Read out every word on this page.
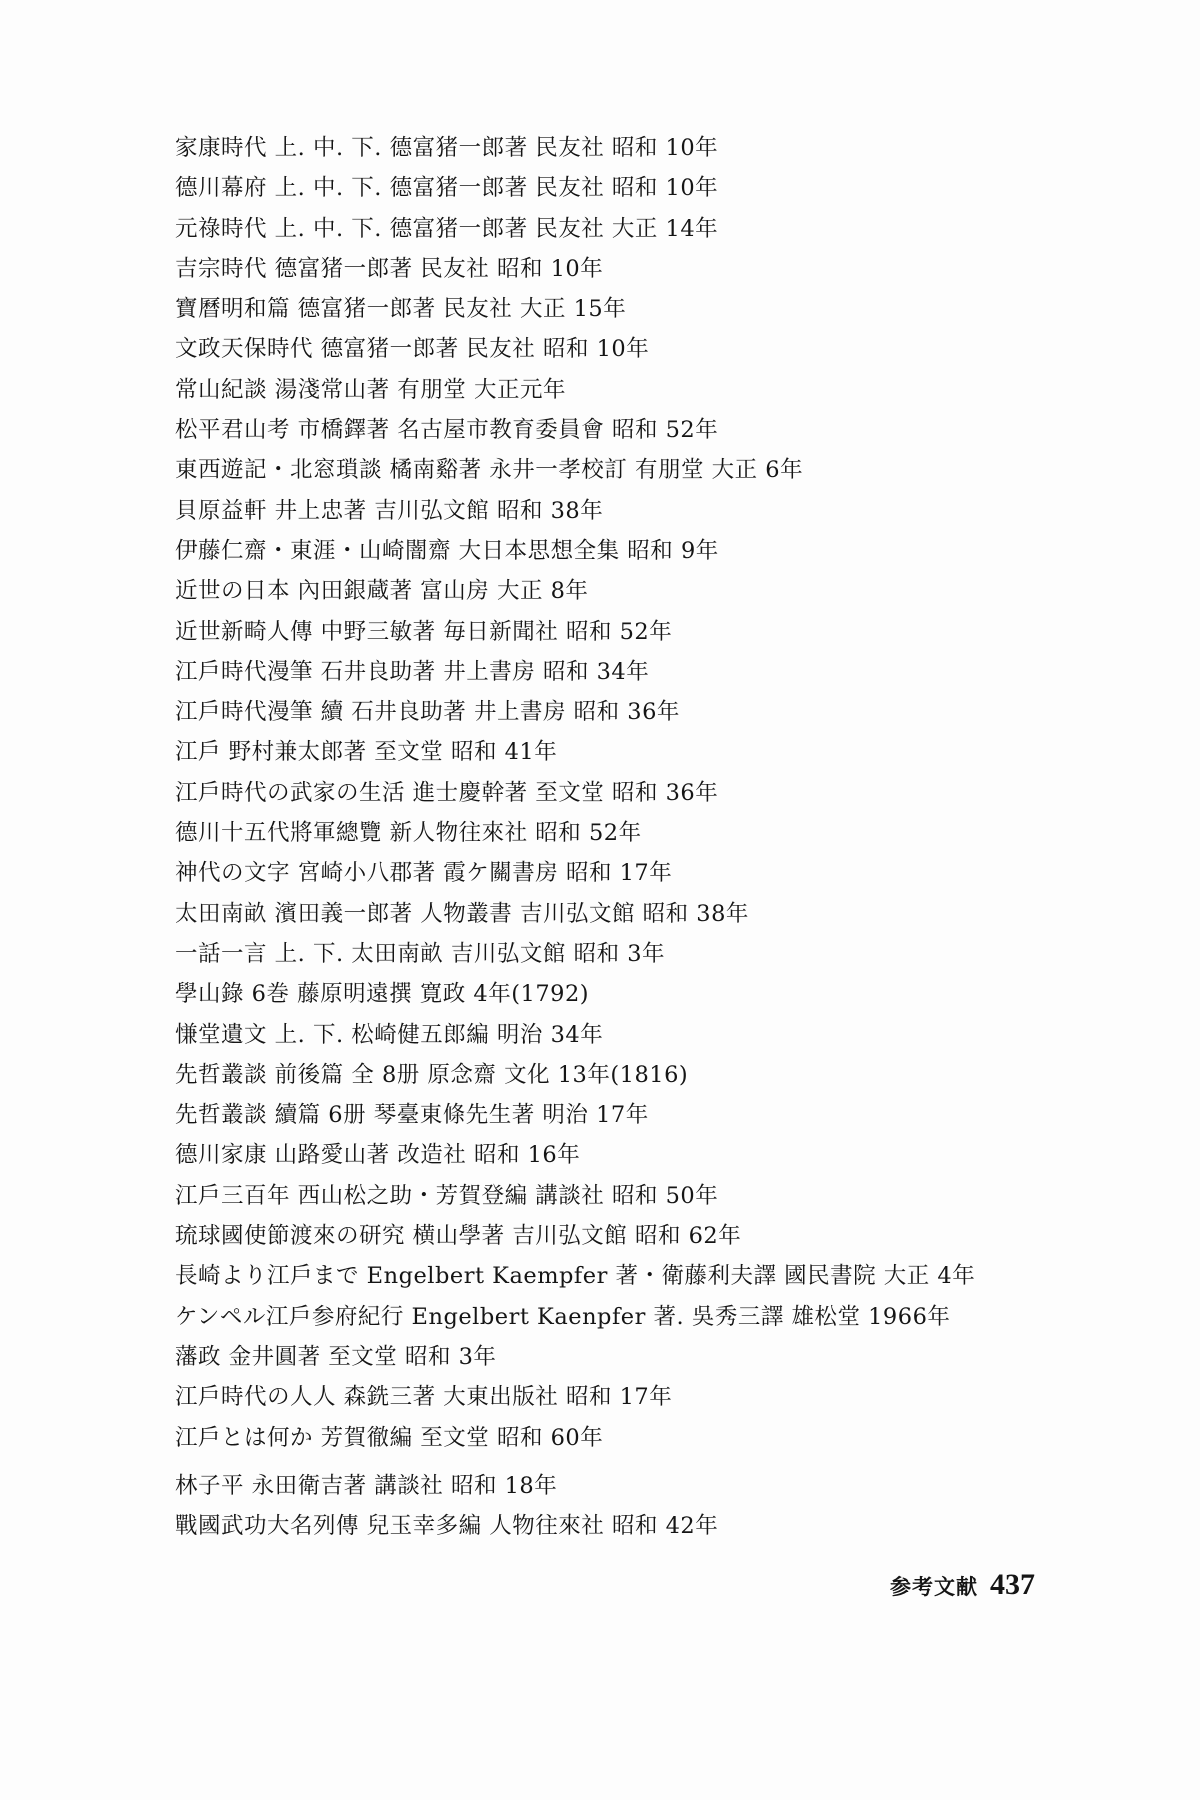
家康時代 上. 中. 下. 德富猪一郎著 民友社 昭和 10年
德川幕府 上. 中. 下. 德富猪一郎著 民友社 昭和 10年
元祿時代 上. 中. 下. 德富猪一郎著 民友社 大正 14年
吉宗時代 德富猪一郎著 民友社 昭和 10年
寶曆明和篇 德富猪一郎著 民友社 大正 15年
文政天保時代 德富猪一郎著 民友社 昭和 10年
常山紀談 湯淺常山著 有朋堂 大正元年
松平君山考 市橋鐸著 名古屋市教育委員會 昭和 52年
東西遊記・北窓瑣談 橘南谿著 永井一孝校訂 有朋堂 大正 6年
貝原益軒 井上忠著 吉川弘文館 昭和 38年
伊藤仁齋・東涯・山崎闇齋 大日本思想全集 昭和 9年
近世の日本 內田銀蔵著 富山房 大正 8年
近世新畸人傳 中野三敏著 毎日新聞社 昭和 52年
江戶時代漫筆 石井良助著 井上書房 昭和 34年
江戶時代漫筆 續 石井良助著 井上書房 昭和 36年
江戶 野村兼太郎著 至文堂 昭和 41年
江戶時代の武家の生活 進士慶幹著 至文堂 昭和 36年
德川十五代將軍總覽 新人物往來社 昭和 52年
神代の文字 宮崎小八郡著 霞ケ關書房 昭和 17年
太田南畝 濱田義一郎著 人物叢書 吉川弘文館 昭和 38年
一話一言 上. 下. 太田南畝 吉川弘文館 昭和 3年
學山錄 6巻 藤原明遠撰 寛政 4年(1792)
慊堂遺文 上. 下. 松崎健五郎編 明治 34年
先哲叢談 前後篇 全 8册 原念齋 文化 13年(1816)
先哲叢談 續篇 6册 琴臺東條先生著 明治 17年
德川家康 山路愛山著 改造社 昭和 16年
江戶三百年 西山松之助・芳賀登編 講談社 昭和 50年
琉球國使節渡來の研究 横山學著 吉川弘文館 昭和 62年
長崎より江戶まで Engelbert Kaempfer 著・衛藤利夫譯 國民書院 大正 4年
ケンペル江戶参府紀行 Engelbert Kaenpfer 著. 吳秀三譯 雄松堂 1966年
藩政 金井圓著 至文堂 昭和 3年
江戶時代の人人 森銑三著 大東出版社 昭和 17年
江戶とは何か 芳賀徹編 至文堂 昭和 60年
林子平 永田衛吉著 講談社 昭和 18年
戰國武功大名列傳 兒玉幸多編 人物往來社 昭和 42年
参考文献 437
